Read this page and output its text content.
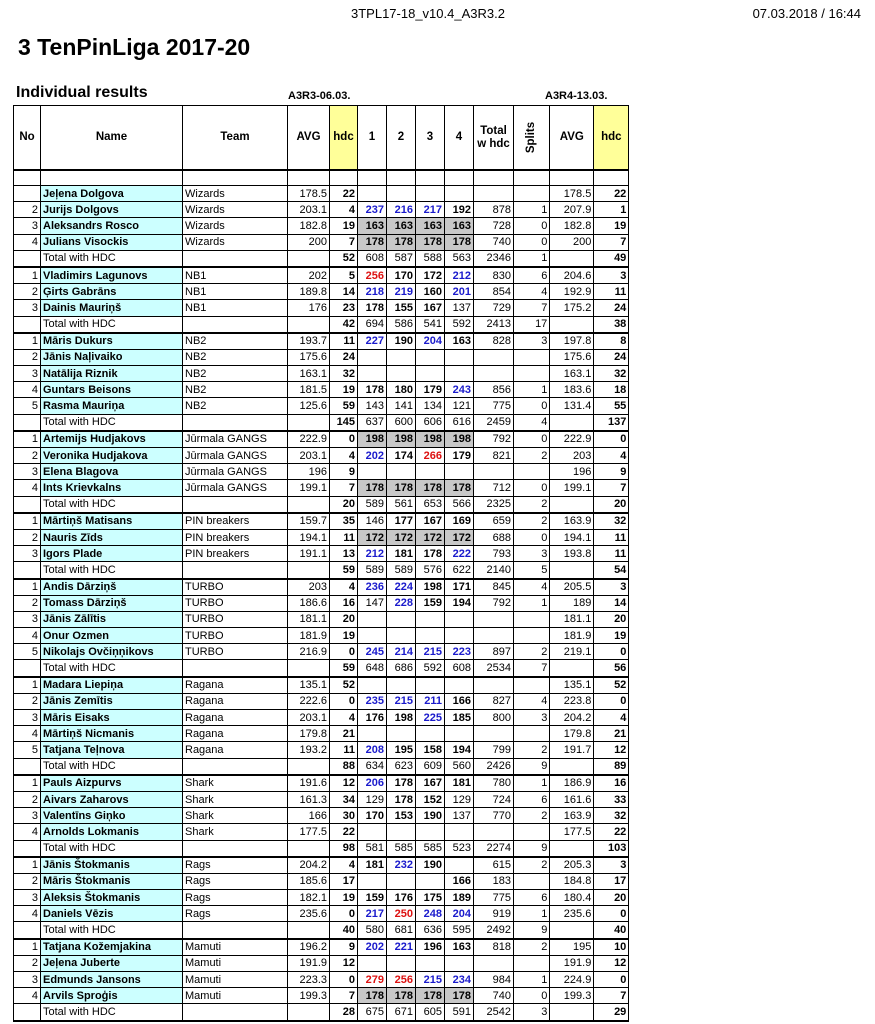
3TPL17-18_v10.4_A3R3.2	07.03.2018 / 16:44
3 TenPinLiga 2017-20
Individual results	A3R3-06.03.	A3R4-13.03.
No	Name	Team	AVG	hdc	1	2	3	4	Total w hdc	Splits	AVG	hdc

	Jeļena Dolgova	Wizards	178.5	22							178.5	22
2	Jurijs Dolgovs	Wizards	203.1	4	237	216	217	192	878	1	207.9	1
3	Aleksandrs Rosco	Wizards	182.8	19	163	163	163	163	728	0	182.8	19
4	Julians Visockis	Wizards	200	7	178	178	178	178	740	0	200	7
	Total with HDC			52	608	587	588	563	2346	1		49
1	Vladimirs Lagunovs	NB1	202	5	256	170	172	212	830	6	204.6	3
2	Ģirts Gabrāns	NB1	189.8	14	218	219	160	201	854	4	192.9	11
3	Dainis Mauriņš	NB1	176	23	178	155	167	137	729	7	175.2	24
	Total with HDC			42	694	586	541	592	2413	17		38
1	Māris Dukurs	NB2	193.7	11	227	190	204	163	828	3	197.8	8
2	Jānis Naļivaiko	NB2	175.6	24							175.6	24
3	Natālija Riznik	NB2	163.1	32							163.1	32
4	Guntars Beisons	NB2	181.5	19	178	180	179	243	856	1	183.6	18
5	Rasma Mauriņa	NB2	125.6	59	143	141	134	121	775	0	131.4	55
	Total with HDC			145	637	600	606	616	2459	4		137
1	Artemijs Hudjakovs	Jūrmala GANGS	222.9	0	198	198	198	198	792	0	222.9	0
2	Veronika Hudjakova	Jūrmala GANGS	203.1	4	202	174	266	179	821	2	203	4
3	Elena Blagova	Jūrmala GANGS	196	9							196	9
4	Ints Krievkalns	Jūrmala GANGS	199.1	7	178	178	178	178	712	0	199.1	7
	Total with HDC			20	589	561	653	566	2325	2		20
1	Mārtiņš Matisans	PIN breakers	159.7	35	146	177	167	169	659	2	163.9	32
2	Nauris Zīds	PIN breakers	194.1	11	172	172	172	172	688	0	194.1	11
3	Igors Plade	PIN breakers	191.1	13	212	181	178	222	793	3	193.8	11
	Total with HDC			59	589	589	576	622	2140	5		54
1	Andis Dārziņš	TURBO	203	4	236	224	198	171	845	4	205.5	3
2	Tomass Dārziņš	TURBO	186.6	16	147	228	159	194	792	1	189	14
3	Jānis Zālītis	TURBO	181.1	20							181.1	20
4	Onur Ozmen	TURBO	181.9	19							181.9	19
5	Nikolajs Ovčiņņikovs	TURBO	216.9	0	245	214	215	223	897	2	219.1	0
	Total with HDC			59	648	686	592	608	2534	7		56
1	Madara Liepiņa	Ragana	135.1	52							135.1	52
2	Jānis Zemītis	Ragana	222.6	0	235	215	211	166	827	4	223.8	0
3	Māris Eisaks	Ragana	203.1	4	176	198	225	185	800	3	204.2	4
4	Mārtiņš Nicmanis	Ragana	179.8	21							179.8	21
5	Tatjana Teļnova	Ragana	193.2	11	208	195	158	194	799	2	191.7	12
	Total with HDC			88	634	623	609	560	2426	9		89
1	Pauls Aizpurvs	Shark	191.6	12	206	178	167	181	780	1	186.9	16
2	Aivars Zaharovs	Shark	161.3	34	129	178	152	129	724	6	161.6	33
3	Valentīns Giņko	Shark	166	30	170	153	190	137	770	2	163.9	32
4	Arnolds Lokmanis	Shark	177.5	22							177.5	22
	Total with HDC			98	581	585	585	523	2274	9		103
1	Jānis Štokmanis	Rags	204.2	4	181	232	190		615	2	205.3	3
2	Māris Štokmanis	Rags	185.6	17				166	183		184.8	17
3	Aleksis Štokmanis	Rags	182.1	19	159	176	175	189	775	6	180.4	20
4	Daniels Vēzis	Rags	235.6	0	217	250	248	204	919	1	235.6	0
	Total with HDC			40	580	681	636	595	2492	9		40
1	Tatjana Kožemjakina	Mamuti	196.2	9	202	221	196	163	818	2	195	10
2	Jeļena Juberte	Mamuti	191.9	12							191.9	12
3	Edmunds Jansons	Mamuti	223.3	0	279	256	215	234	984	1	224.9	0
4	Arvils Sproģis	Mamuti	199.3	7	178	178	178	178	740	0	199.3	7
	Total with HDC			28	675	671	605	591	2542	3		29
